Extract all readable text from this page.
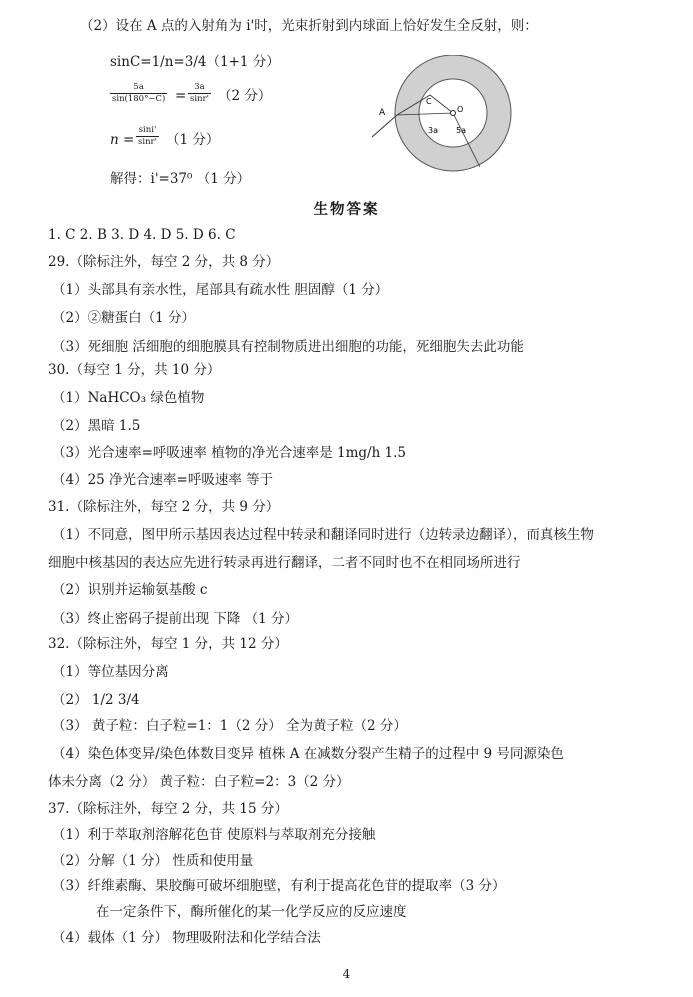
（2）设在 A 点的入射角为 i'时，光束折射到内球面上恰好发生全反射，则：
sinC=1/n=3/4（1+1 分）
$\frac{5a}{\sin(180^\circ-C)} = \frac{3a}{\sin r'} (2$ 分）
$n = \frac{\sin i'}{\sin r'} (1$ 分）
解得：i'=37⁰ （1 分）
A
C
O
3a 5a
生物答案
1. C 2. B 3. D 4. D 5. D 6. C
29.（除标注外，每空 2 分，共 8 分）
（1）头部具有亲水性，尾部具有疏水性 胆固醇（1 分）
（2）②糖蛋白（1 分）
（3）死细胞 活细胞的细胞膜具有控制物质进出细胞的功能，死细胞失去此功能
30.（每空 1 分，共 10 分）
（1）NaHCO₃ 绿色植物
（2）黑暗 1.5
（3）光合速率=呼吸速率 植物的净光合速率是 1mg/h 1.5
（4）25 净光合速率=呼吸速率 等于
31.（除标注外，每空 2 分，共 9 分）
（1）不同意，图甲所示基因表达过程中转录和翻译同时进行（边转录边翻译），而真核生物
细胞中核基因的表达应先进行转录再进行翻译，二者不同时也不在相同场所进行
（2）识别并运输氨基酸 c
（3）终止密码子提前出现 下降 （1 分）
32.（除标注外，每空 1 分，共 12 分）
（1）等位基因分离
（2） 1/2 3/4
（3） 黄子粒：白子粒=1：1（2 分） 全为黄子粒（2 分）
（4）染色体变异/染色体数目变异 植株 A 在减数分裂产生精子的过程中 9 号同源染色
体未分离（2 分） 黄子粒：白子粒=2：3（2 分）
37.（除标注外，每空 2 分，共 15 分）
（1）利于萃取剂溶解花色苷 使原料与萃取剂充分接触
（2）分解（1 分） 性质和使用量
（3）纤维素酶、果胶酶可破坏细胞壁，有利于提高花色苷的提取率（3 分）
在一定条件下，酶所催化的某一化学反应的反应速度
（4）载体（1 分） 物理吸附法和化学结合法
4
